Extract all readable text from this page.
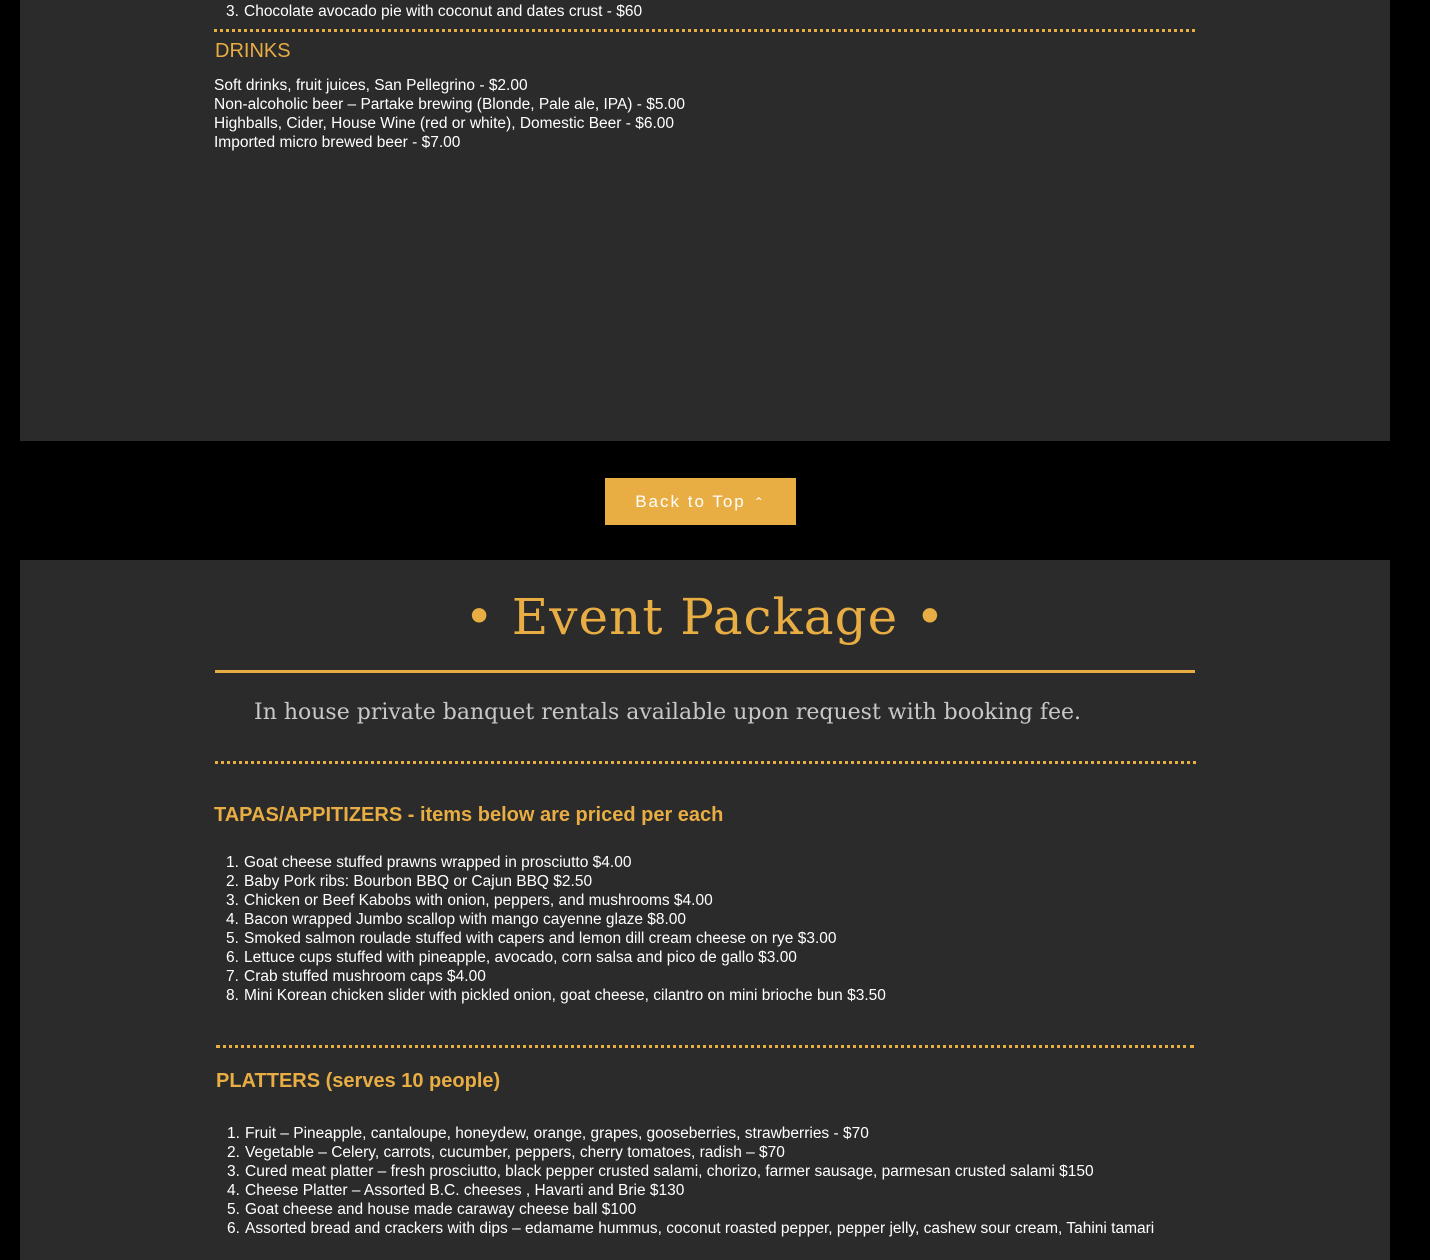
Chocolate avocado pie with coconut and dates crust - $60
DRINKS
Soft drinks, fruit juices, San Pellegrino - $2.00
Non-alcoholic beer – Partake brewing (Blonde, Pale ale, IPA) - $5.00
Highballs, Cider, House Wine (red or white), Domestic Beer - $6.00
Imported micro brewed beer - $7.00
Back to Top ⌃
• Event Package •
In house private banquet rentals available upon request with booking fee.
TAPAS/APPITIZERS - items below are priced per each
Goat cheese stuffed prawns wrapped in prosciutto $4.00
Baby Pork ribs: Bourbon BBQ or Cajun BBQ $2.50
Chicken or Beef Kabobs with onion, peppers, and mushrooms $4.00
Bacon wrapped Jumbo scallop with mango cayenne glaze $8.00
Smoked salmon roulade stuffed with capers and lemon dill cream cheese on rye $3.00
Lettuce cups stuffed with pineapple, avocado, corn salsa and pico de gallo $3.00
Crab stuffed mushroom caps $4.00
Mini Korean chicken slider with pickled onion, goat cheese, cilantro on mini brioche bun $3.50
PLATTERS (serves 10 people)
Fruit – Pineapple, cantaloupe, honeydew, orange, grapes, gooseberries, strawberries - $70
Vegetable – Celery, carrots, cucumber, peppers, cherry tomatoes, radish – $70
Cured meat platter – fresh prosciutto, black pepper crusted salami, chorizo, farmer sausage, parmesan crusted salami $150
Cheese Platter – Assorted B.C. cheeses , Havarti and Brie $130
Goat cheese and house made caraway cheese ball $100
Assorted bread and crackers with dips – edamame hummus, coconut roasted pepper, pepper jelly, cashew sour cream, Tahini tamari
